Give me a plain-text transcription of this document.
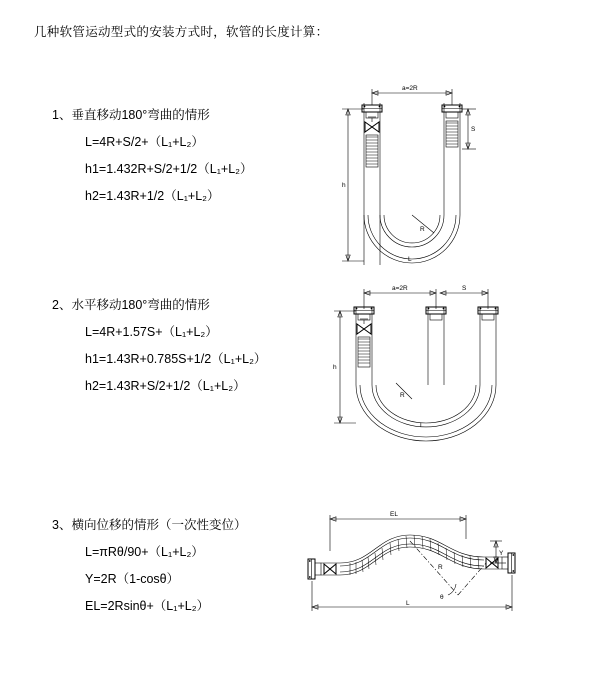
几种软管运动型式的安装方式时，软管的长度计算：
1、垂直移动180°弯曲的情形
L=4R+S/2+（L₁+L₂）
h1=1.432R+S/2+1/2（L₁+L₂）
h2=1.43R+1/2（L₁+L₂）
a=2R
R
S
h
L
2、水平移动180°弯曲的情形
L=4R+1.57S+（L₁+L₂）
h1=1.43R+0.785S+1/2（L₁+L₂）
h2=1.43R+S/2+1/2（L₁+L₂）
a=2R	S
R
h
L
3、横向位移的情形（一次性变位）
L=πRθ/90+（L₁+L₂）
Y=2R（1-cosθ）
EL=2Rsinθ+（L₁+L₂）
EL
θ
R
Y
L
